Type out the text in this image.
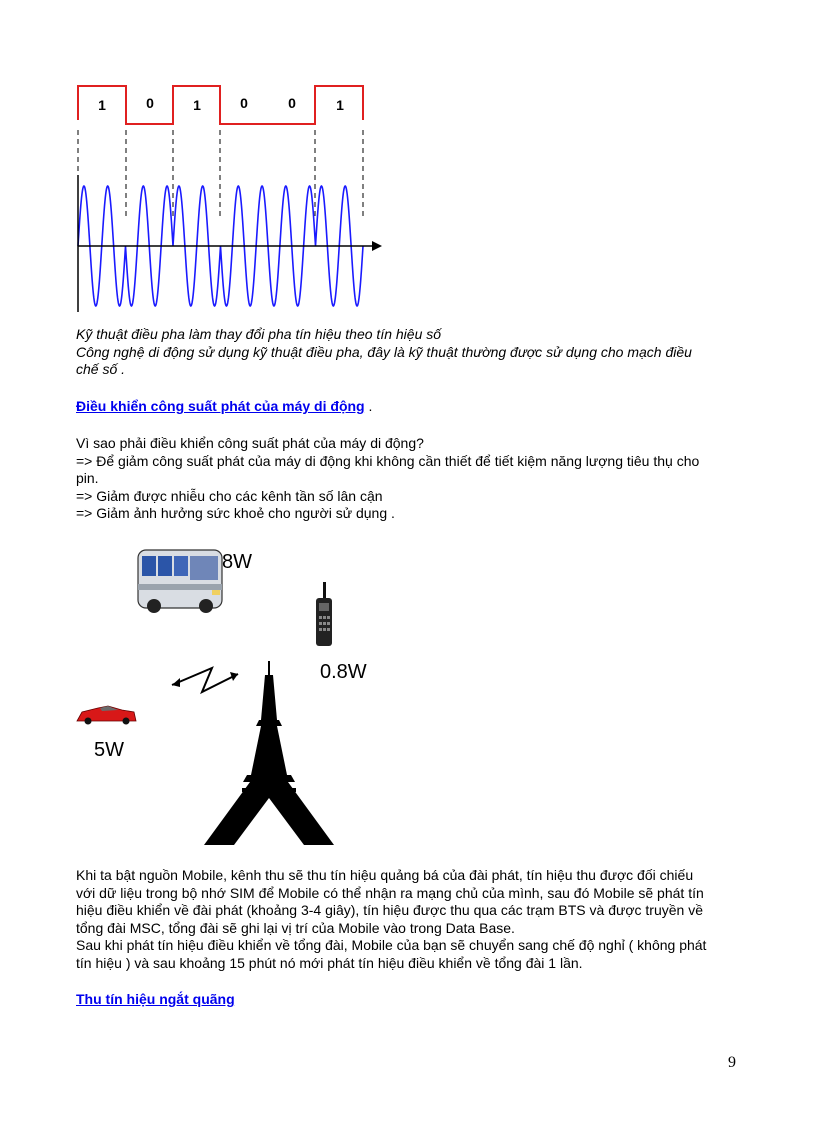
1	0	1	0	0	1
Kỹ thuật điều pha làm thay đổi pha tín hiệu theo tín hiệu số
Công nghệ di động sử dụng kỹ thuật điều pha, đây là kỹ thuật thường được sử dụng cho mạch điều
chế số .
Điều khiển công suất phát của máy di động .
Vì sao phải điều khiển công suất phát của máy di động?
=> Để giảm công suất phát của máy di động khi không cần thiết để tiết kiệm năng lượng tiêu thụ cho
pin.
=> Giảm được nhiễu cho các kênh tần số lân cận
=> Giảm ảnh hưởng sức khoẻ cho người sử dụng .
8W
0.8W
5W
Khi ta bật nguồn Mobile, kênh thu sẽ thu tín hiệu quảng bá của đài phát, tín hiệu thu được đối chiếu
với dữ liệu trong bộ nhớ SIM để Mobile có thể nhận ra mạng chủ của mình, sau đó Mobile sẽ phát tín
hiệu điều khiển về đài phát (khoảng 3-4 giây), tín hiệu được thu qua các trạm BTS và được truyền về
tổng đài MSC, tổng đài sẽ ghi lại vị trí của Mobile vào trong Data Base.
Sau khi phát tín hiệu điều khiển về tổng đài, Mobile của bạn sẽ chuyển sang chế độ nghỉ ( không phát
tín hiệu ) và sau khoảng 15 phút nó mới phát tín hiệu điều khiển về tổng đài 1 lần.
Thu tín hiệu ngắt quãng
9
